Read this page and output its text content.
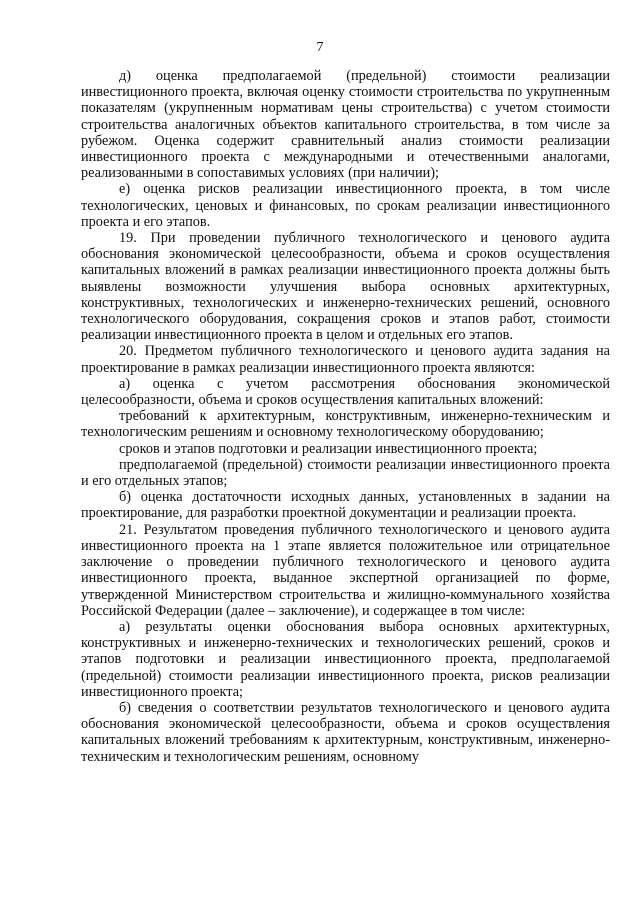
7

д) оценка предполагаемой (предельной) стоимости реализации инвестиционного проекта, включая оценку стоимости строительства по укрупненным показателям (укрупненным нормативам цены строительства) с учетом стоимости строительства аналогичных объектов капитального строительства, в том числе за рубежом. Оценка содержит сравнительный анализ стоимости реализации инвестиционного проекта с международными и отечественными аналогами, реализованными в сопоставимых условиях (при наличии);

е) оценка рисков реализации инвестиционного проекта, в том числе технологических, ценовых и финансовых, по срокам реализации инвестиционного проекта и его этапов.

19. При проведении публичного технологического и ценового аудита обоснования экономической целесообразности, объема и сроков осуществления капитальных вложений в рамках реализации инвестиционного проекта должны быть выявлены возможности улучшения выбора основных архитектурных, конструктивных, технологических и инженерно-технических решений, основного технологического оборудования, сокращения сроков и этапов работ, стоимости реализации инвестиционного проекта в целом и отдельных его этапов.

20. Предметом публичного технологического и ценового аудита задания на проектирование в рамках реализации инвестиционного проекта являются:

а) оценка с учетом рассмотрения обоснования экономической целесообразности, объема и сроков осуществления капитальных вложений:

требований к архитектурным, конструктивным, инженерно-техническим и технологическим решениям и основному технологическому оборудованию;

сроков и этапов подготовки и реализации инвестиционного проекта;

предполагаемой (предельной) стоимости реализации инвестиционного проекта и его отдельных этапов;

б) оценка достаточности исходных данных, установленных в задании на проектирование, для разработки проектной документации и реализации проекта.

21. Результатом проведения публичного технологического и ценового аудита инвестиционного проекта на 1 этапе является положительное или отрицательное заключение о проведении публичного технологического и ценового аудита инвестиционного проекта, выданное экспертной организацией по форме, утвержденной Министерством строительства и жилищно-коммунального хозяйства Российской Федерации (далее – заключение), и содержащее в том числе:

а) результаты оценки обоснования выбора основных архитектурных, конструктивных и инженерно-технических и технологических решений, сроков и этапов подготовки и реализации инвестиционного проекта, предполагаемой (предельной) стоимости реализации инвестиционного проекта, рисков реализации инвестиционного проекта;

б) сведения о соответствии результатов технологического и ценового аудита обоснования экономической целесообразности, объема и сроков осуществления капитальных вложений требованиям к архитектурным, конструктивным, инженерно-техническим и технологическим решениям, основному
